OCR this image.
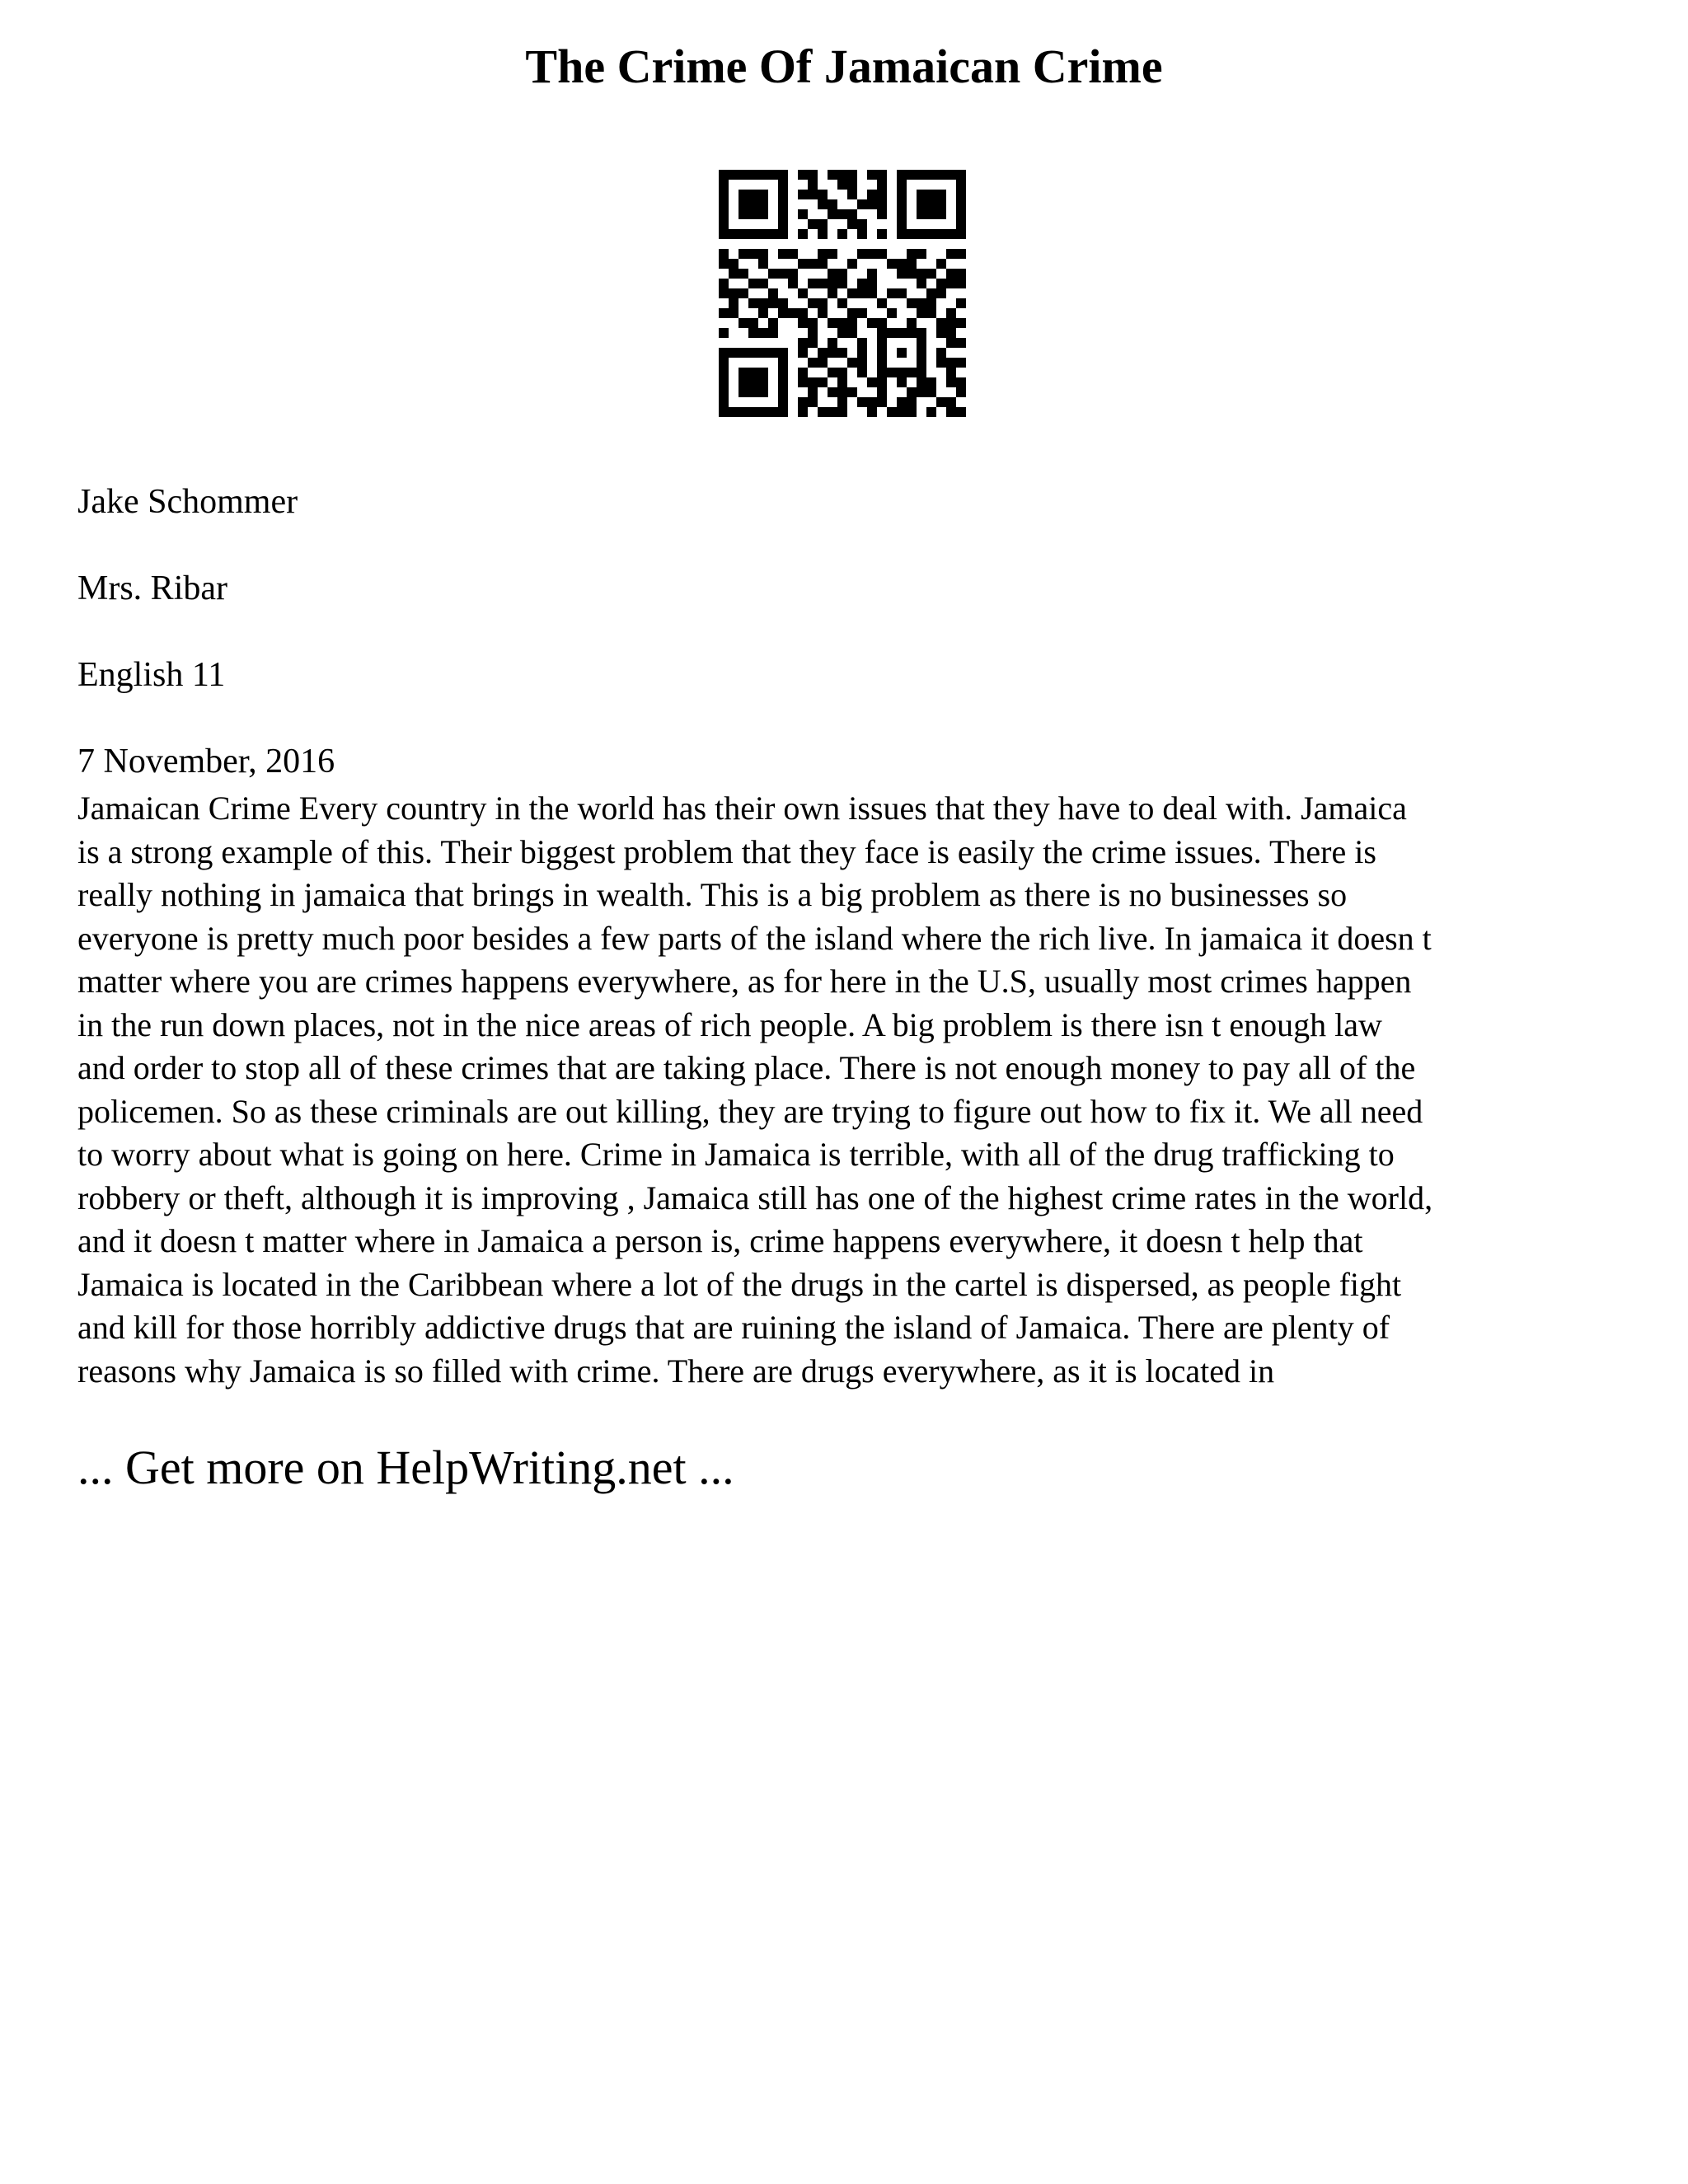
The Crime Of Jamaican Crime

Jake Schommer

Mrs. Ribar

English 11

7 November, 2016

Jamaican Crime Every country in the world has their own issues that they have to deal with. Jamaica
is a strong example of this. Their biggest problem that they face is easily the crime issues. There is
really nothing in jamaica that brings in wealth. This is a big problem as there is no businesses so
everyone is pretty much poor besides a few parts of the island where the rich live. In jamaica it doesn t
matter where you are crimes happens everywhere, as for here in the U.S, usually most crimes happen
in the run down places, not in the nice areas of rich people. A big problem is there isn t enough law
and order to stop all of these crimes that are taking place. There is not enough money to pay all of the
policemen. So as these criminals are out killing, they are trying to figure out how to fix it. We all need
to worry about what is going on here. Crime in Jamaica is terrible, with all of the drug trafficking to
robbery or theft, although it is improving , Jamaica still has one of the highest crime rates in the world,
and it doesn t matter where in Jamaica a person is, crime happens everywhere, it doesn t help that
Jamaica is located in the Caribbean where a lot of the drugs in the cartel is dispersed, as people fight
and kill for those horribly addictive drugs that are ruining the island of Jamaica. There are plenty of
reasons why Jamaica is so filled with crime. There are drugs everywhere, as it is located in

... Get more on HelpWriting.net ...
